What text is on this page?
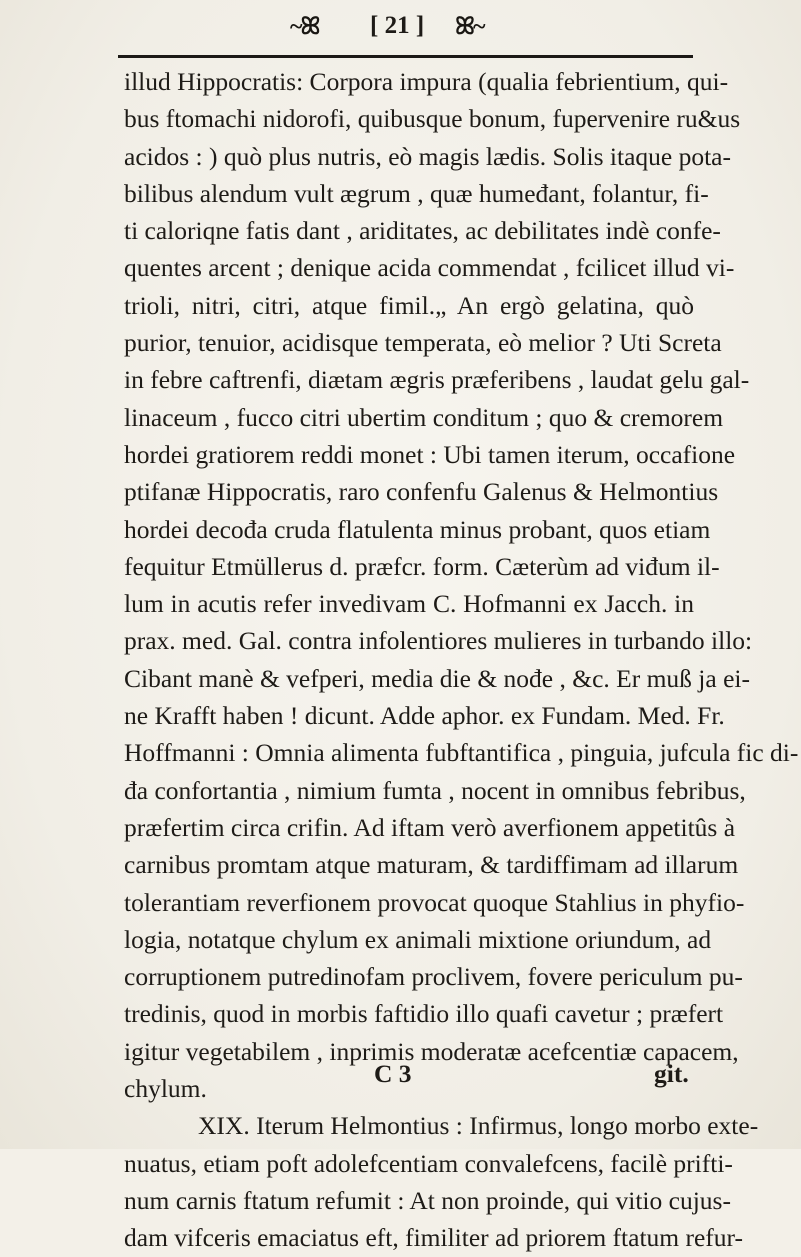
~ꕤ [ 21 ] ꕤ~
illud Hippocratis: Corpora impura (qualia febrientium, qui-
bus ftomachi nidorofi, quibusque bonum, fupervenire ru&us
acidos : ) quò plus nutris, eò magis lædis. Solis itaque pota-
bilibus alendum vult ægrum , quæ humeđant, folantur, fi-
ti caloriqne fatis dant , ariditates, ac debilitates indè confe-
quentes arcent ; denique acida commendat , fcilicet illud vi-
trioli, nitri, citri, atque fimil.„ An ergò gelatina, quò
purior, tenuior, acidisque temperata, eò melior ? Uti Screta
in febre caftrenfi, diætam ægris præferibens , laudat gelu gal-
linaceum , fucco citri ubertim conditum ; quo & cremorem
hordei gratiorem reddi monet : Ubi tamen iterum, occafione
ptifanæ Hippocratis, raro confenfu Galenus & Helmontius
hordei decođa cruda flatulenta minus probant, quos etiam
fequitur Etmüllerus d. præfcr. form. Cæterùm ad viđum il-
lum in acutis refer invedivam C. Hofmanni ex Jacch. in
prax. med. Gal. contra infolentiores mulieres in turbando illo:
Cibant manè & vefperi, media die & nođe , &c. Er muß ja ei-
ne Krafft haben ! dicunt. Adde aphor. ex Fundam. Med. Fr.
Hoffmanni : Omnia alimenta fubftantifica , pinguia, jufcula fic di-
đa confortantia , nimium fumta , nocent in omnibus febribus,
præfertim circa crifin. Ad iftam verò averfionem appetitûs à
carnibus promtam atque maturam, & tardiffimam ad illarum
tolerantiam reverfionem provocat quoque Stahlius in phyfio-
logia, notatque chylum ex animali mixtione oriundum, ad
corruptionem putredinofam proclivem, fovere periculum pu-
tredinis, quod in morbis faftidio illo quafi cavetur ; præfert
igitur vegetabilem , inprimis moderatæ acefcentiæ capacem,
chylum.
XIX. Iterum Helmontius : Infirmus, longo morbo exte-
nuatus, etiam poft adolefcentiam convalefcens, facilè prifti-
num carnis ftatum refumit : At non proinde, qui vitio cujus-
dam vifceris emaciatus eft, fimiliter ad priorem ftatum refur-
C 3	git.
